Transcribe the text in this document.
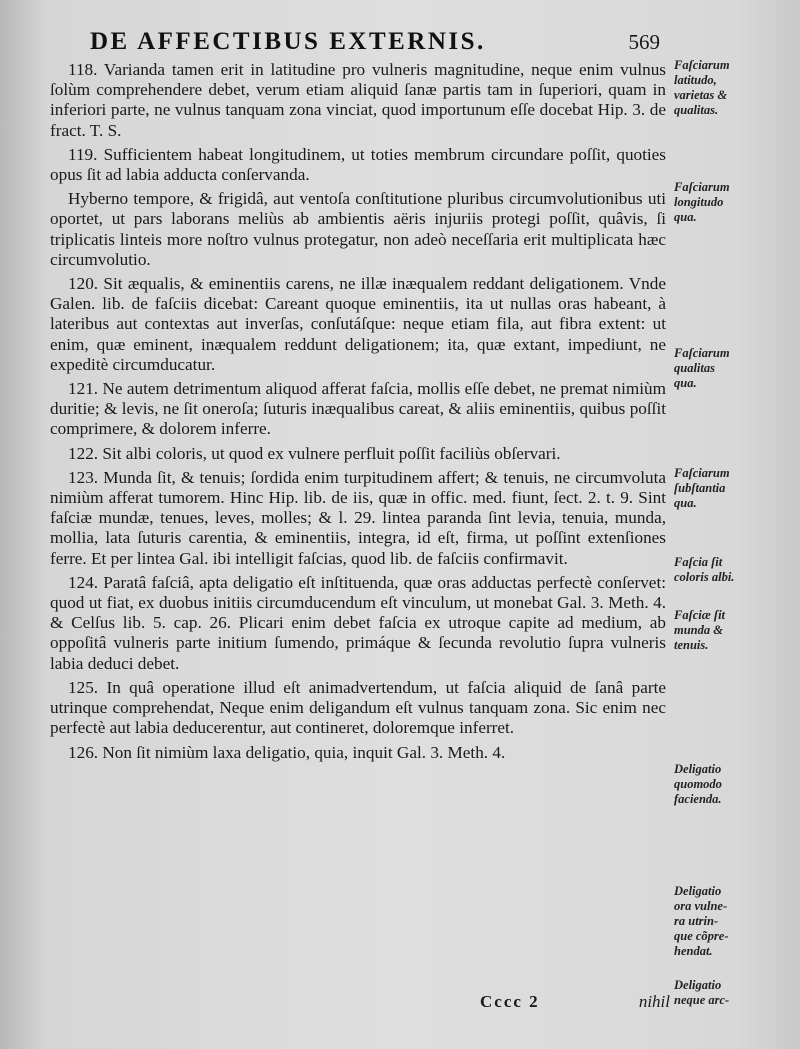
DE AFFECTIBUS EXTERNIS.	569

118. Varianda tamen erit in latitudine pro vulneris magnitudine, neque enim vulnus ſolùm comprehendere debet, verum etiam aliquid ſanæ partis tam in ſuperiori, quam in inferiori parte, ne vulnus tanquam zona vinciat, quod importunum eſſe docebat Hip. 3. de fract. T. S.

119. Sufficientem habeat longitudinem, ut toties membrum circundare poſſit, quoties opus ſit ad labia adducta conſervanda.

Hyberno tempore, & frigidâ, aut ventoſa conſtitutione pluribus circumvolutionibus uti oportet, ut pars laborans meliùs ab ambientis aëris injuriis protegi poſſit, quâvis, ſi triplicatis linteis more noſtro vulnus protegatur, non adeò neceſſaria erit multiplicata hæc circumvolutio.

120. Sit æqualis, & eminentiis carens, ne illæ inæqualem reddant deligationem. Vnde Galen. lib. de faſciis dicebat: Careant quoque eminentiis, ita ut nullas oras habeant, à lateribus aut contextas aut inverſas, conſutáſque: neque etiam fila, aut fibra extent: ut enim, quæ eminent, inæqualem reddunt deligationem; ita, quæ extant, impediunt, ne expeditè circumducatur.

121. Ne autem detrimentum aliquod afferat faſcia, mollis eſſe debet, ne premat nimiùm duritie; & levis, ne ſit oneroſa; ſuturis inæqualibus careat, & aliis eminentiis, quibus poſſit comprimere, & dolorem inferre.

122. Sit albi coloris, ut quod ex vulnere perfluit poſſit faciliùs obſervari.

123. Munda ſit, & tenuis; ſordida enim turpitudinem affert; & tenuis, ne circumvoluta nimiùm afferat tumorem. Hinc Hip. lib. de iis, quæ in offic. med. fiunt, ſect. 2. t. 9. Sint faſciæ mundæ, tenues, leves, molles; & l. 29. lintea paranda ſint levia, tenuia, munda, mollia, lata ſuturis carentia, & eminentiis, integra, id eſt, firma, ut poſſint extenſiones ferre. Et per lintea Gal. ibi intelligit faſcias, quod lib. de faſciis confirmavit.

124. Paratâ faſciâ, apta deligatio eſt inſtituenda, quæ oras adductas perfectè conſervet: quod ut fiat, ex duobus initiis circumducendum eſt vinculum, ut monebat Gal. 3. Meth. 4. & Celſus lib. 5. cap. 26. Plicari enim debet faſcia ex utroque capite ad medium, ab oppoſitâ vulneris parte initium ſumendo, primáque & ſecunda revolutio ſupra vulneris labia deduci debet.

125. In quâ operatione illud eſt animadvertendum, ut faſcia aliquid de ſanâ parte utrinque comprehendat, Neque enim deligandum eſt vulnus tanquam zona. Sic enim nec perfectè aut labia deducerentur, aut contineret, doloremque inferret.

126. Non ſit nimiùm laxa deligatio, quia, inquit Gal. 3. Meth. 4.

Cccc 2	nihil
Faſciarum
latitudo,
varietas &
qualitas.
Faſciarum
longitudo
qua.
Faſciarum
qualitas
qua.
Faſciarum
ſubſtantia
qua.
Faſcia ſit
coloris albi.
Faſciæ ſit
munda &
tenuis.
Deligatio
quomodo
facienda.
Deligatio
ora vulne-
ra utrin-
que cõpre-
hendat.
Deligatio
neque arc-
